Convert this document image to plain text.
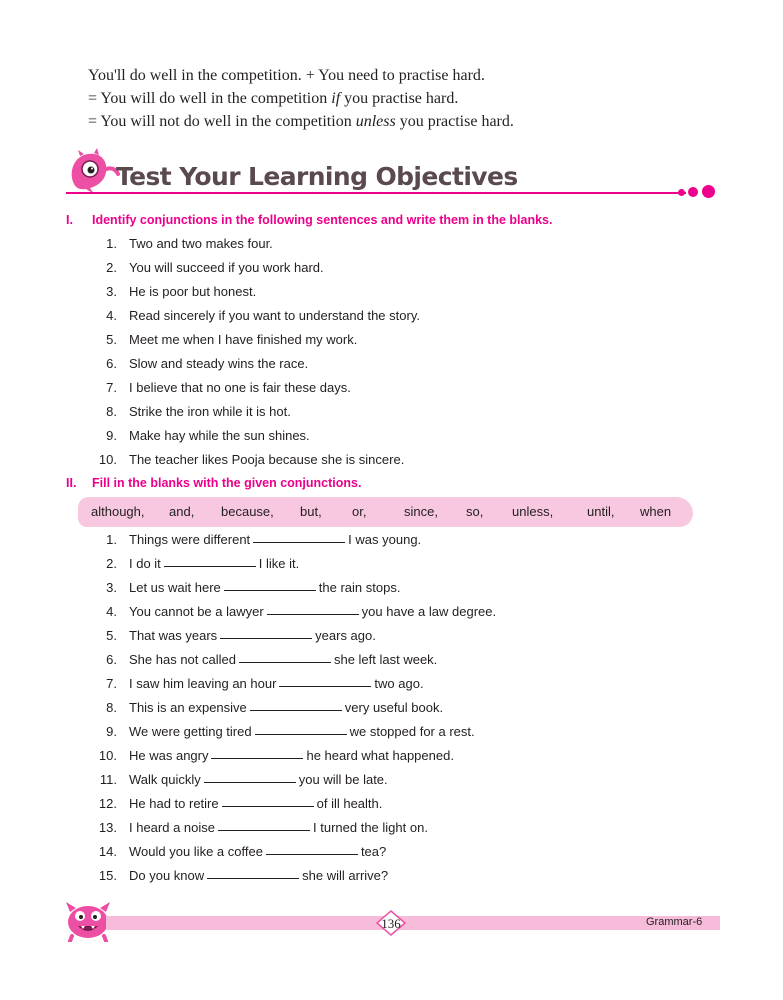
You'll do well in the competition. + You need to practise hard.
= You will do well in the competition if you practise hard.
= You will not do well in the competition unless you practise hard.
Test Your Learning Objectives
I. Identify conjunctions in the following sentences and write them in the blanks.
1. Two and two makes four.
2. You will succeed if you work hard.
3. He is poor but honest.
4. Read sincerely if you want to understand the story.
5. Meet me when I have finished my work.
6. Slow and steady wins the race.
7. I believe that no one is fair these days.
8. Strike the iron while it is hot.
9. Make hay while the sun shines.
10. The teacher likes Pooja because she is sincere.
II. Fill in the blanks with the given conjunctions.
although, and, because, but, or,	since, so, unless,	until, when
1. Things were different	I was young.
2. I do it	I like it.
3. Let us wait here	the rain stops.
4. You cannot be a lawyer	you have a law degree.
5. That was years	years ago.
6. She has not called	she left last week.
7. I saw him leaving an hour	two ago.
8. This is an expensive	very useful book.
9. We were getting tired	we stopped for a rest.
10. He was angry	he heard what happened.
11. Walk quickly	you will be late.
12. He had to retire	of ill health.
13. I heard a noise	I turned the light on.
14. Would you like a coffee	tea?
15. Do you know	she will arrive?
136	Grammar-6
